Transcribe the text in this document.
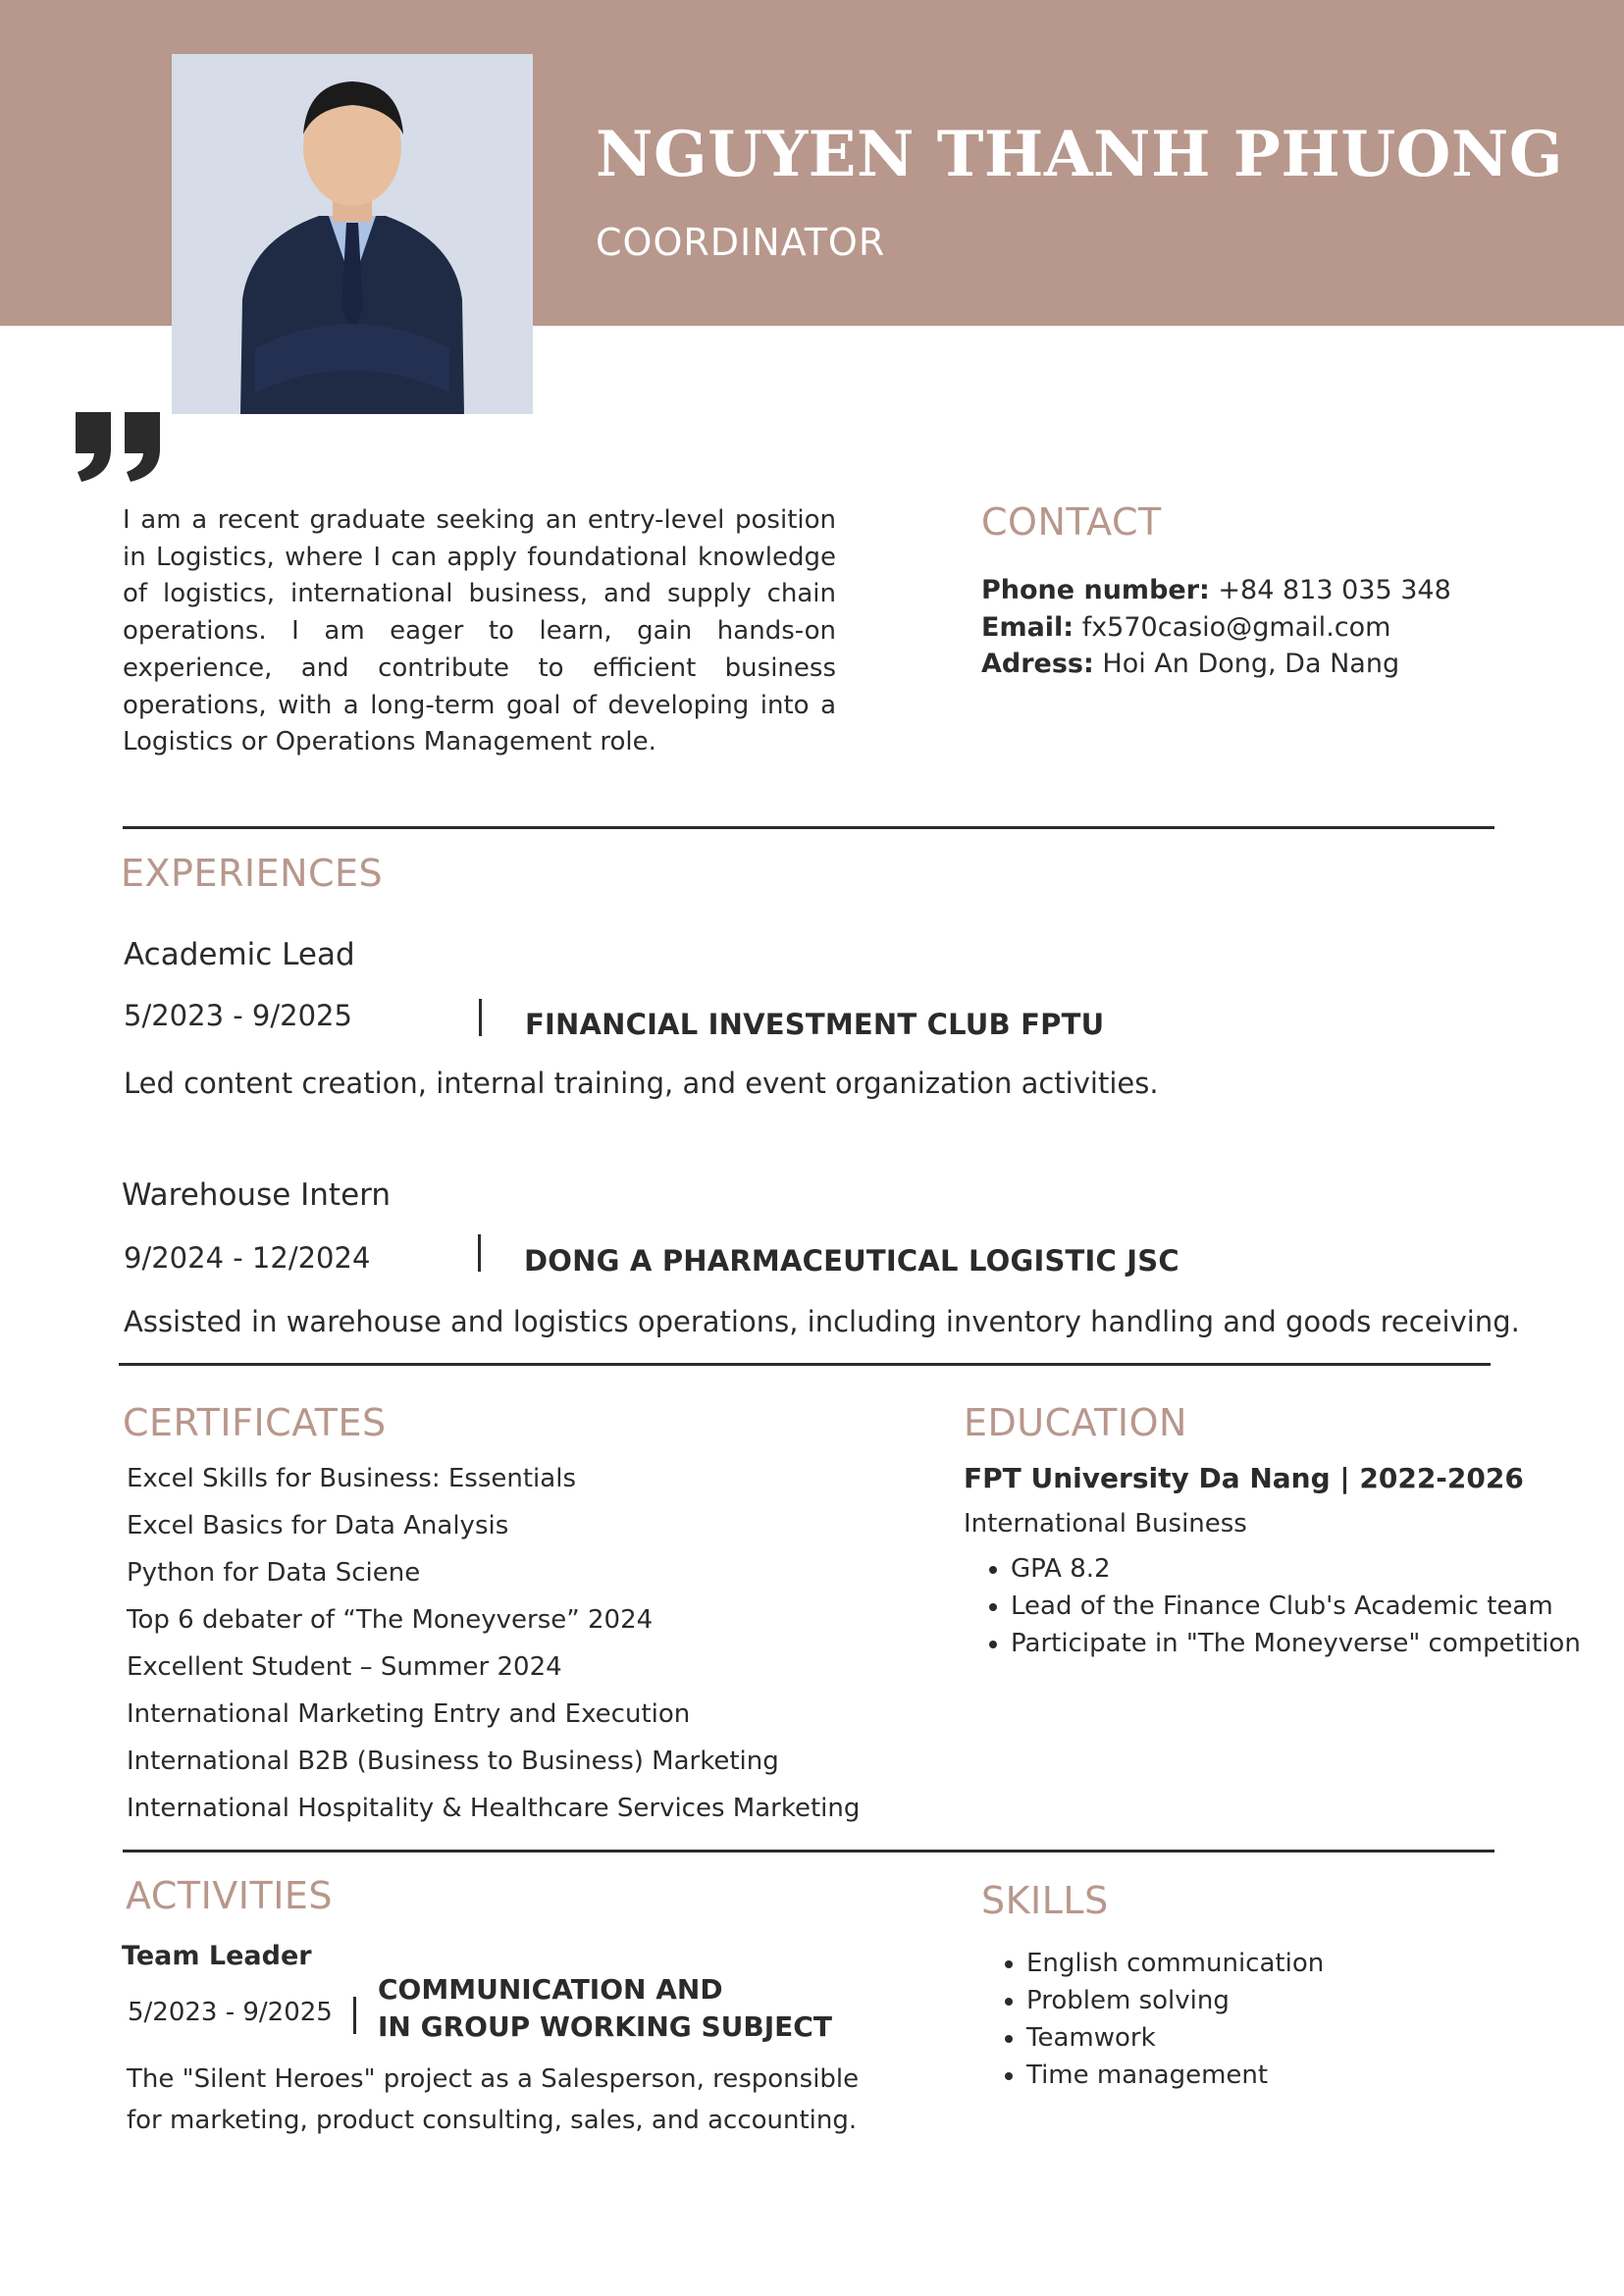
NGUYEN THANH PHUONG
COORDINATOR
I am a recent graduate seeking an entry-level position in Logistics, where I can apply foundational knowledge of logistics, international business, and supply chain operations. I am eager to learn, gain hands-on experience, and contribute to efficient business operations, with a long-term goal of developing into a Logistics or Operations Management role.
CONTACT
Phone number: +84 813 035 348
Email: fx570casio@gmail.com
Adress: Hoi An Dong, Da Nang
EXPERIENCES
Academic Lead
5/2023 - 9/2025	FINANCIAL INVESTMENT CLUB FPTU
Led content creation, internal training, and event organization activities.
Warehouse Intern
9/2024 - 12/2024	DONG A PHARMACEUTICAL LOGISTIC JSC
Assisted in warehouse and logistics operations, including inventory handling and goods receiving.
CERTIFICATES
Excel Skills for Business: Essentials
Excel Basics for Data Analysis
Python for Data Sciene
Top 6 debater of “The Moneyverse” 2024
Excellent Student – Summer 2024
International Marketing Entry and Execution
International B2B (Business to Business) Marketing
International Hospitality & Healthcare Services Marketing
EDUCATION
FPT University Da Nang | 2022-2026
International Business
• GPA 8.2
• Lead of the Finance Club's Academic team
• Participate in "The Moneyverse" competition
ACTIVITIES
Team Leader
5/2023 - 9/2025
COMMUNICATION AND
IN GROUP WORKING SUBJECT
The "Silent Heroes" project as a Salesperson, responsible for marketing, product consulting, sales, and accounting.
SKILLS
• English communication
• Problem solving
• Teamwork
• Time management
